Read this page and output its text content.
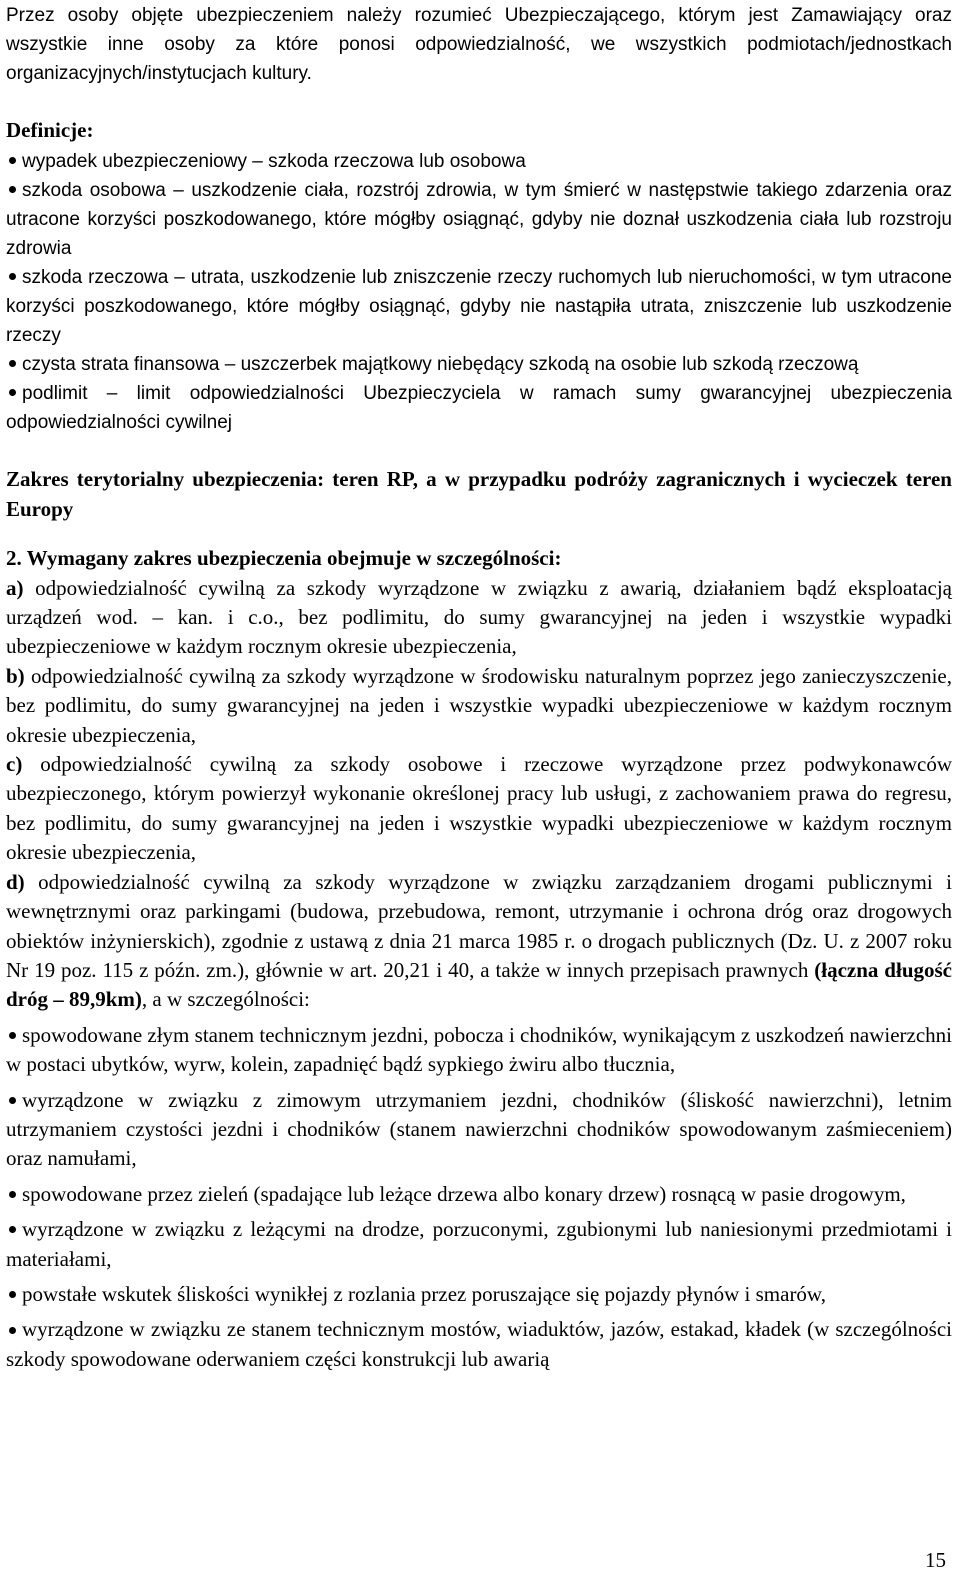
Przez osoby objęte ubezpieczeniem należy rozumieć Ubezpieczającego, którym jest Zamawiający oraz wszystkie inne osoby za które ponosi odpowiedzialność, we wszystkich podmiotach/jednostkach organizacyjnych/instytucjach kultury.

Definicje:

wypadek ubezpieczeniowy – szkoda rzeczowa lub osobowa

szkoda osobowa – uszkodzenie ciała, rozstrój zdrowia, w tym śmierć w następstwie takiego zdarzenia oraz utracone korzyści poszkodowanego, które mógłby osiągnąć, gdyby nie doznał uszkodzenia ciała lub rozstroju zdrowia

szkoda rzeczowa – utrata, uszkodzenie lub zniszczenie rzeczy ruchomych lub nieruchomości, w tym utracone korzyści poszkodowanego, które mógłby osiągnąć, gdyby nie nastąpiła utrata, zniszczenie lub uszkodzenie rzeczy

czysta strata finansowa – uszczerbek majątkowy niebędący szkodą na osobie lub szkodą rzeczową

podlimit – limit odpowiedzialności Ubezpieczyciela w ramach sumy gwarancyjnej ubezpieczenia odpowiedzialności cywilnej

Zakres terytorialny ubezpieczenia: teren RP, a w przypadku podróży zagranicznych i wycieczek teren Europy

2. Wymagany zakres ubezpieczenia obejmuje w szczególności:

a) odpowiedzialność cywilną za szkody wyrządzone w związku z awarią, działaniem bądź eksploatacją urządzeń wod. – kan. i c.o., bez podlimitu, do sumy gwarancyjnej na jeden i wszystkie wypadki ubezpieczeniowe w każdym rocznym okresie ubezpieczenia,

b) odpowiedzialność cywilną za szkody wyrządzone w środowisku naturalnym poprzez jego zanieczyszczenie, bez podlimitu, do sumy gwarancyjnej na jeden i wszystkie wypadki ubezpieczeniowe w każdym rocznym okresie ubezpieczenia,

c) odpowiedzialność cywilną za szkody osobowe i rzeczowe wyrządzone przez podwykonawców ubezpieczonego, którym powierzył wykonanie określonej pracy lub usługi, z zachowaniem prawa do regresu, bez podlimitu, do sumy gwarancyjnej na jeden i wszystkie wypadki ubezpieczeniowe w każdym rocznym okresie ubezpieczenia,

d) odpowiedzialność cywilną za szkody wyrządzone w związku zarządzaniem drogami publicznymi i wewnętrznymi oraz parkingami (budowa, przebudowa, remont, utrzymanie i ochrona dróg oraz drogowych obiektów inżynierskich), zgodnie z ustawą z dnia 21 marca 1985 r. o drogach publicznych (Dz. U. z 2007 roku Nr 19 poz. 115 z późn. zm.), głównie w art. 20,21 i 40, a także w innych przepisach prawnych (łączna długość dróg – 89,9km), a w szczególności:

spowodowane złym stanem technicznym jezdni, pobocza i chodników, wynikającym z uszkodzeń nawierzchni w postaci ubytków, wyrw, kolein, zapadnięć bądź sypkiego żwiru albo tłucznia,

wyrządzone w związku z zimowym utrzymaniem jezdni, chodników (śliskość nawierzchni), letnim utrzymaniem czystości jezdni i chodników (stanem nawierzchni chodników spowodowanym zaśmieceniem) oraz namułami,

spowodowane przez zieleń (spadające lub leżące drzewa albo konary drzew) rosnącą w pasie drogowym,

wyrządzone w związku z leżącymi na drodze, porzuconymi, zgubionymi lub naniesionymi przedmiotami i materiałami,

powstałe wskutek śliskości wynikłej z rozlania przez poruszające się pojazdy płynów i smarów,

wyrządzone w związku ze stanem technicznym mostów, wiaduktów, jazów, estakad, kładek (w szczególności szkody spowodowane oderwaniem części konstrukcji lub awarią

15
